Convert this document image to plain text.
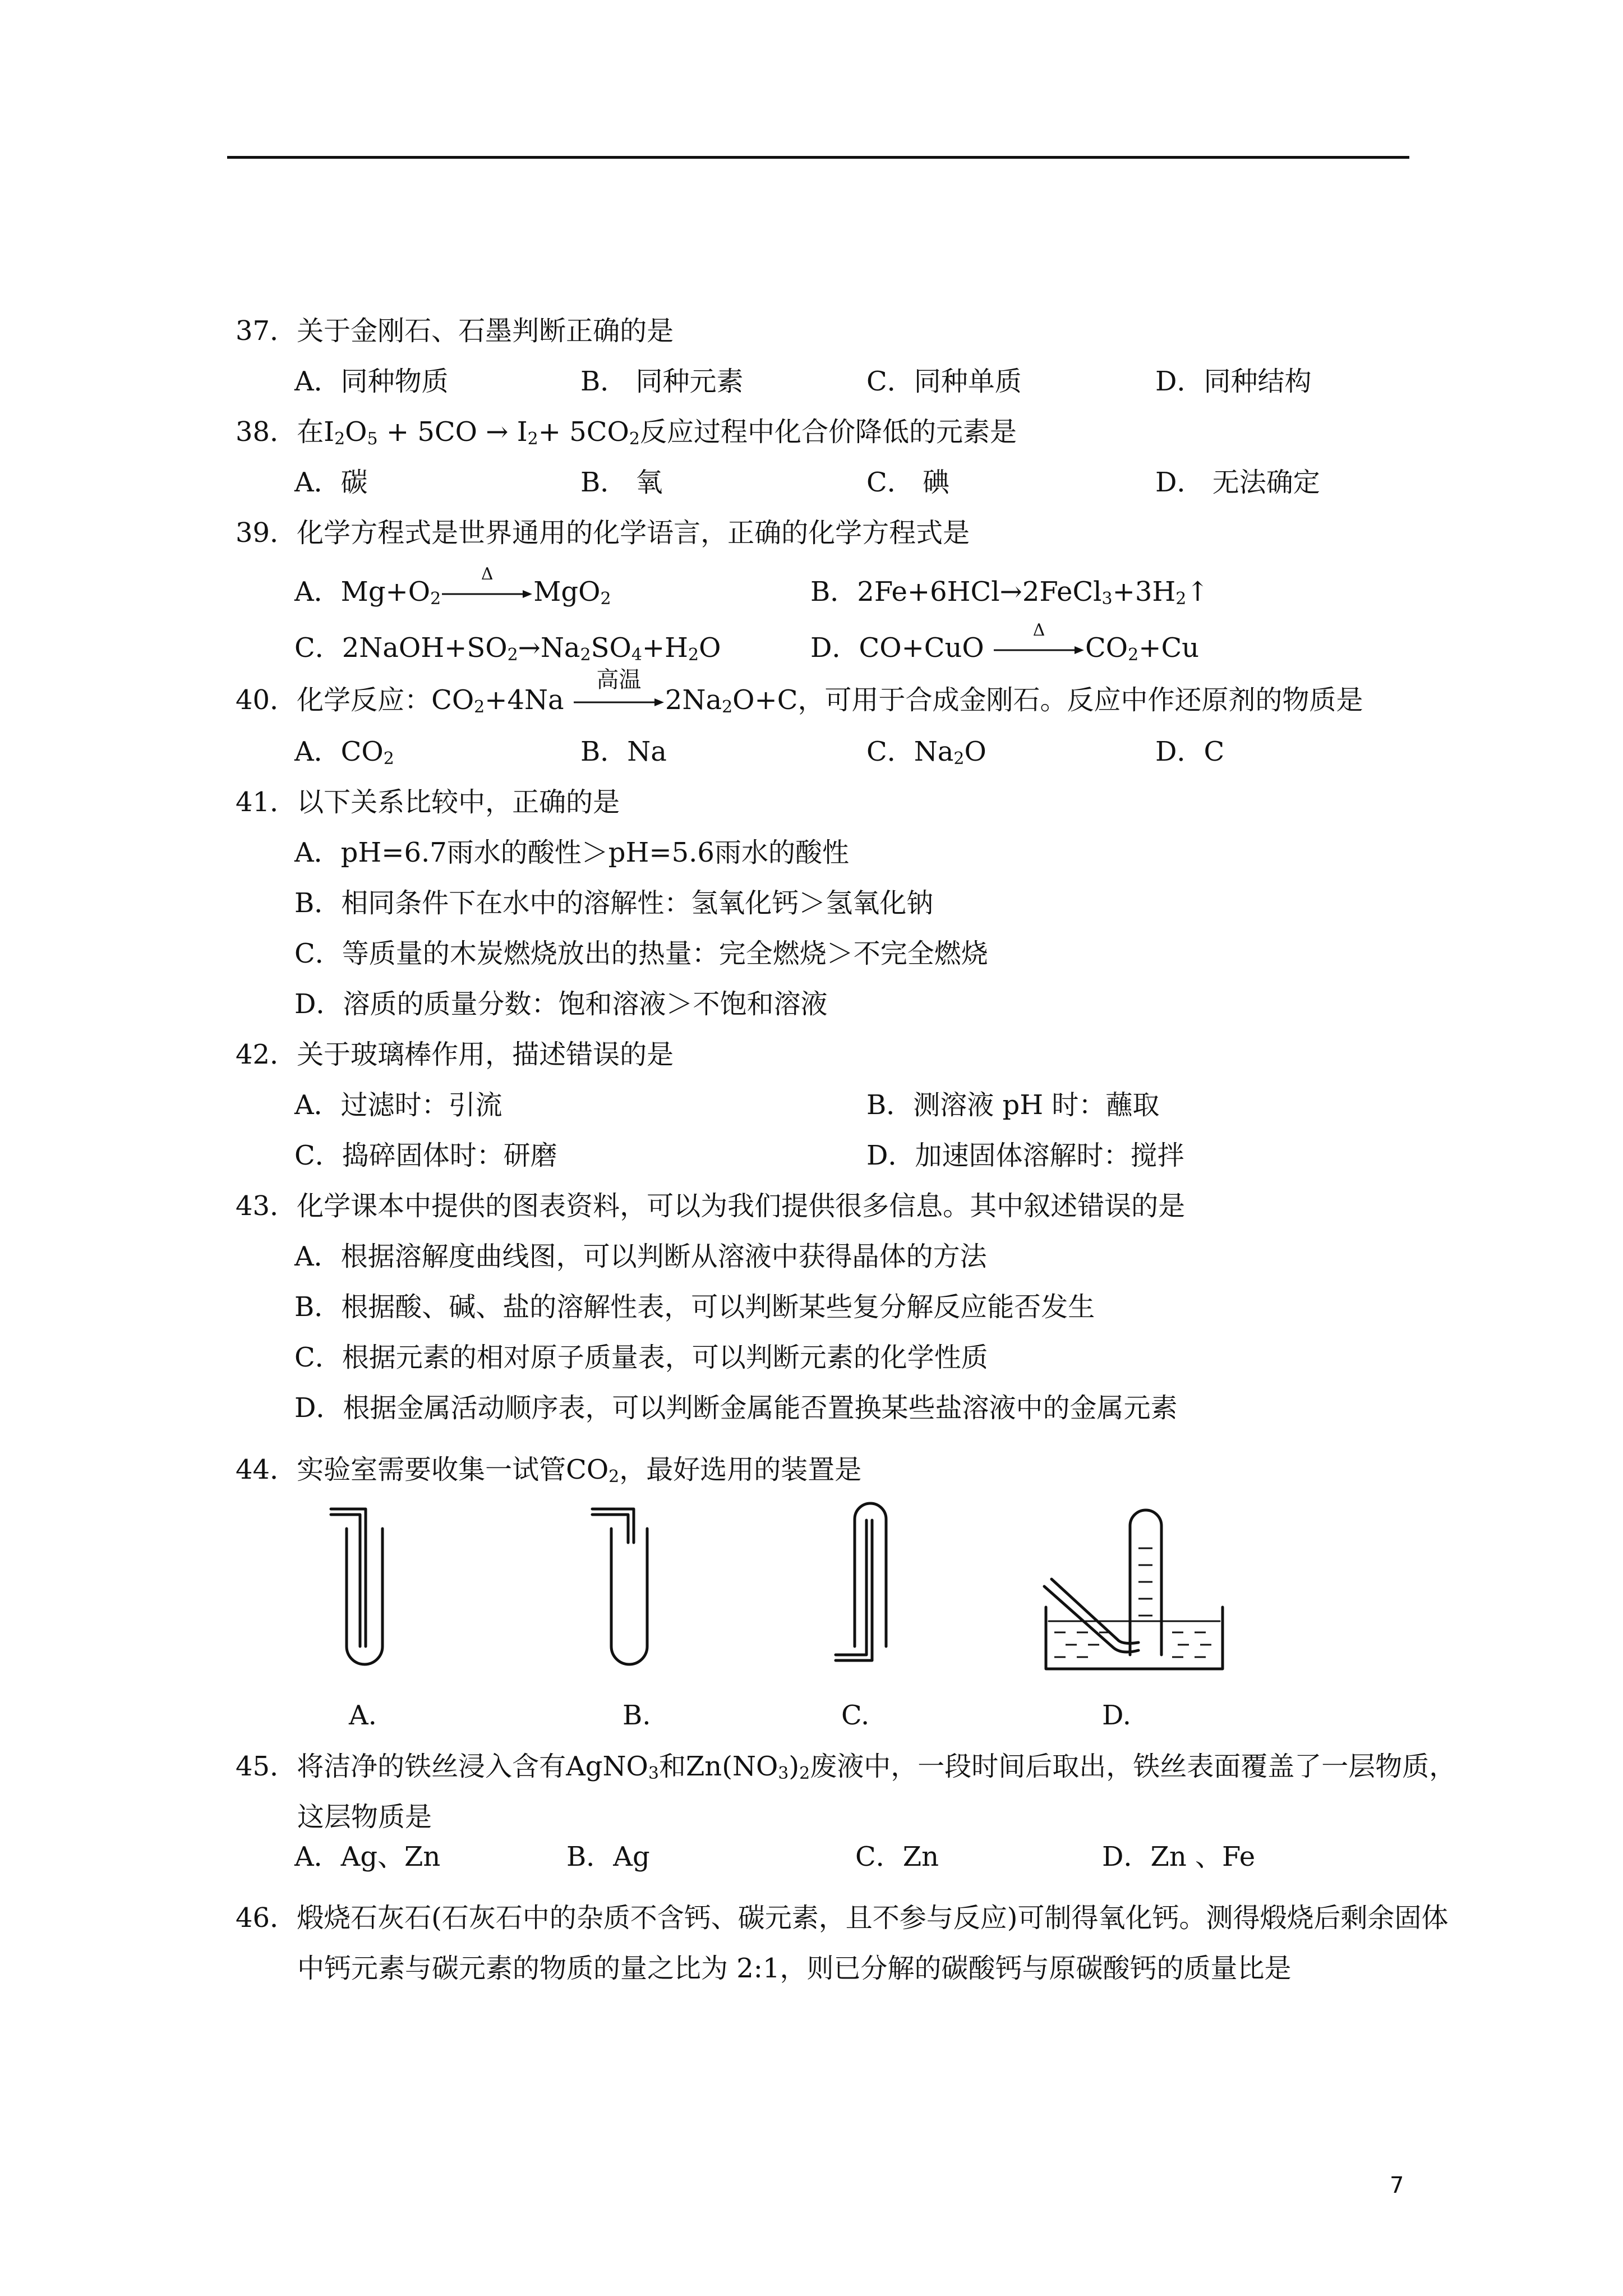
37．关于金刚石、石墨判断正确的是
A．同种物质	B． 同种元素	C．同种单质	D．同种结构
38．在$I_2O_5 + 5CO \to I_2+ 5CO_2$反应过程中化合价降低的元素是
A．碳	B． 氧	C． 碘	D． 无法确定
39．化学方程式是世界通用的化学语言，正确的化学方程式是
A．$Mg+O_2$
Δ
MgO$_2$	B．$2Fe+6HCl\to 2FeCl_3+3H_2↑$
C．$2NaOH+SO_2\to Na_2SO_4+H_2O$	D．CO+CuO
Δ
$CO_2+Cu$
40．化学反应：$CO_2+4Na$
高温
$2Na_2O+C$，可用于合成金刚石。反应中作还原剂的物质是
A．$CO_2$	B．Na	C．$Na_2O$	D．C
41．以下关系比较中，正确的是
A．pH=6.7雨水的酸性＞pH=5.6雨水的酸性
B．相同条件下在水中的溶解性：氢氧化钙＞氢氧化钠
C．等质量的木炭燃烧放出的热量：完全燃烧＞不完全燃烧
D．溶质的质量分数：饱和溶液＞不饱和溶液
42．关于玻璃棒作用，描述错误的是
A．过滤时：引流	B．测溶液 pH 时：蘸取
C．捣碎固体时：研磨	D．加速固体溶解时：搅拌
43．化学课本中提供的图表资料，可以为我们提供很多信息。其中叙述错误的是
A．根据溶解度曲线图，可以判断从溶液中获得晶体的方法
B．根据酸、碱、盐的溶解性表，可以判断某些复分解反应能否发生
C．根据元素的相对原子质量表，可以判断元素的化学性质
D．根据金属活动顺序表，可以判断金属能否置换某些盐溶液中的金属元素
44．实验室需要收集一试管$CO_2$，最好选用的装置是
A.	B.	C.	D.
45．将洁净的铁丝浸入含有AgNO$_3$和$Zn(NO_3)_2$废液中，一段时间后取出，铁丝表面覆盖了一层物质，这层物质是
A．Ag、Zn	B．Ag	C．Zn	D．Zn 、Fe
46．煅烧石灰石(石灰石中的杂质不含钙、碳元素，且不参与反应)可制得氧化钙。测得煅烧后剩余固体中钙元素与碳元素的物质的量之比为 2:1，则已分解的碳酸钙与原碳酸钙的质量比是
7
